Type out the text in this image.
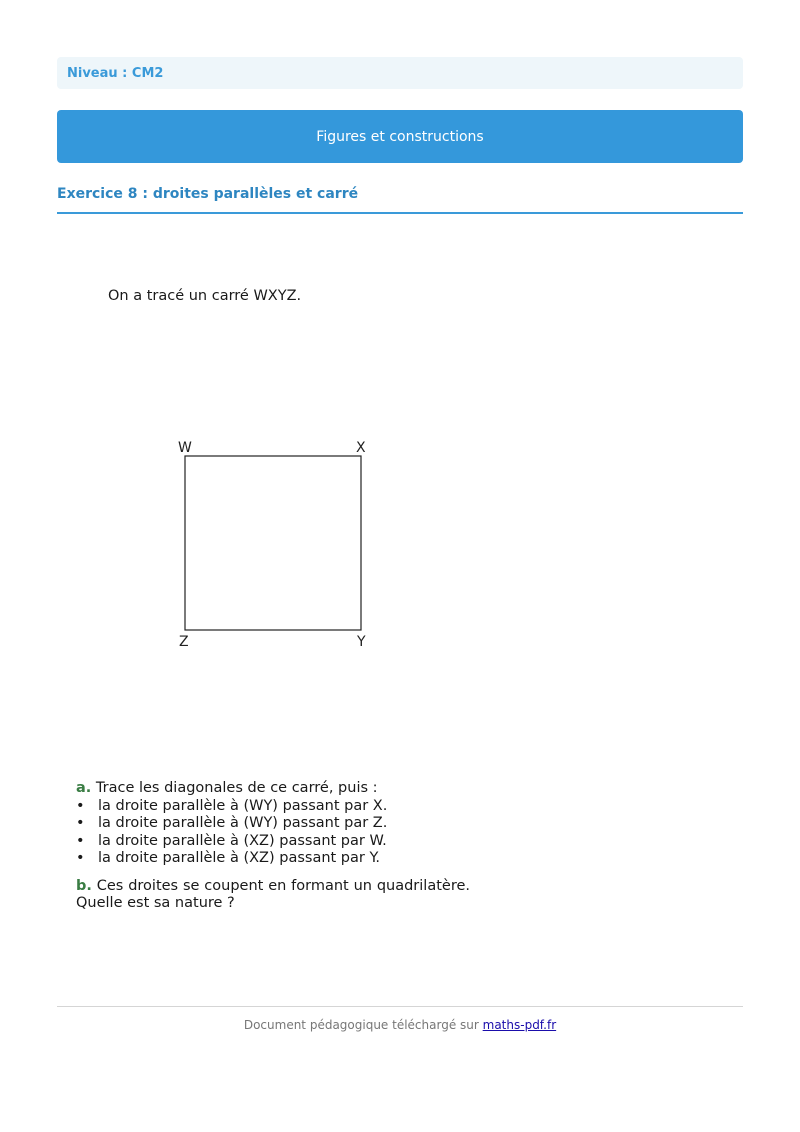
Niveau : CM2
Figures et constructions
Exercice 8 : droites parallèles et carré
On a tracé un carré WXYZ.
W	X
Y
Z
a. Trace les diagonales de ce carré, puis :
• la droite parallèle à (WY) passant par X.
• la droite parallèle à (WY) passant par Z.
• la droite parallèle à (XZ) passant par W.
• la droite parallèle à (XZ) passant par Y.
b. Ces droites se coupent en formant un quadrilatère. Quelle est sa nature ?
Document pédagogique téléchargé sur maths-pdf.fr
